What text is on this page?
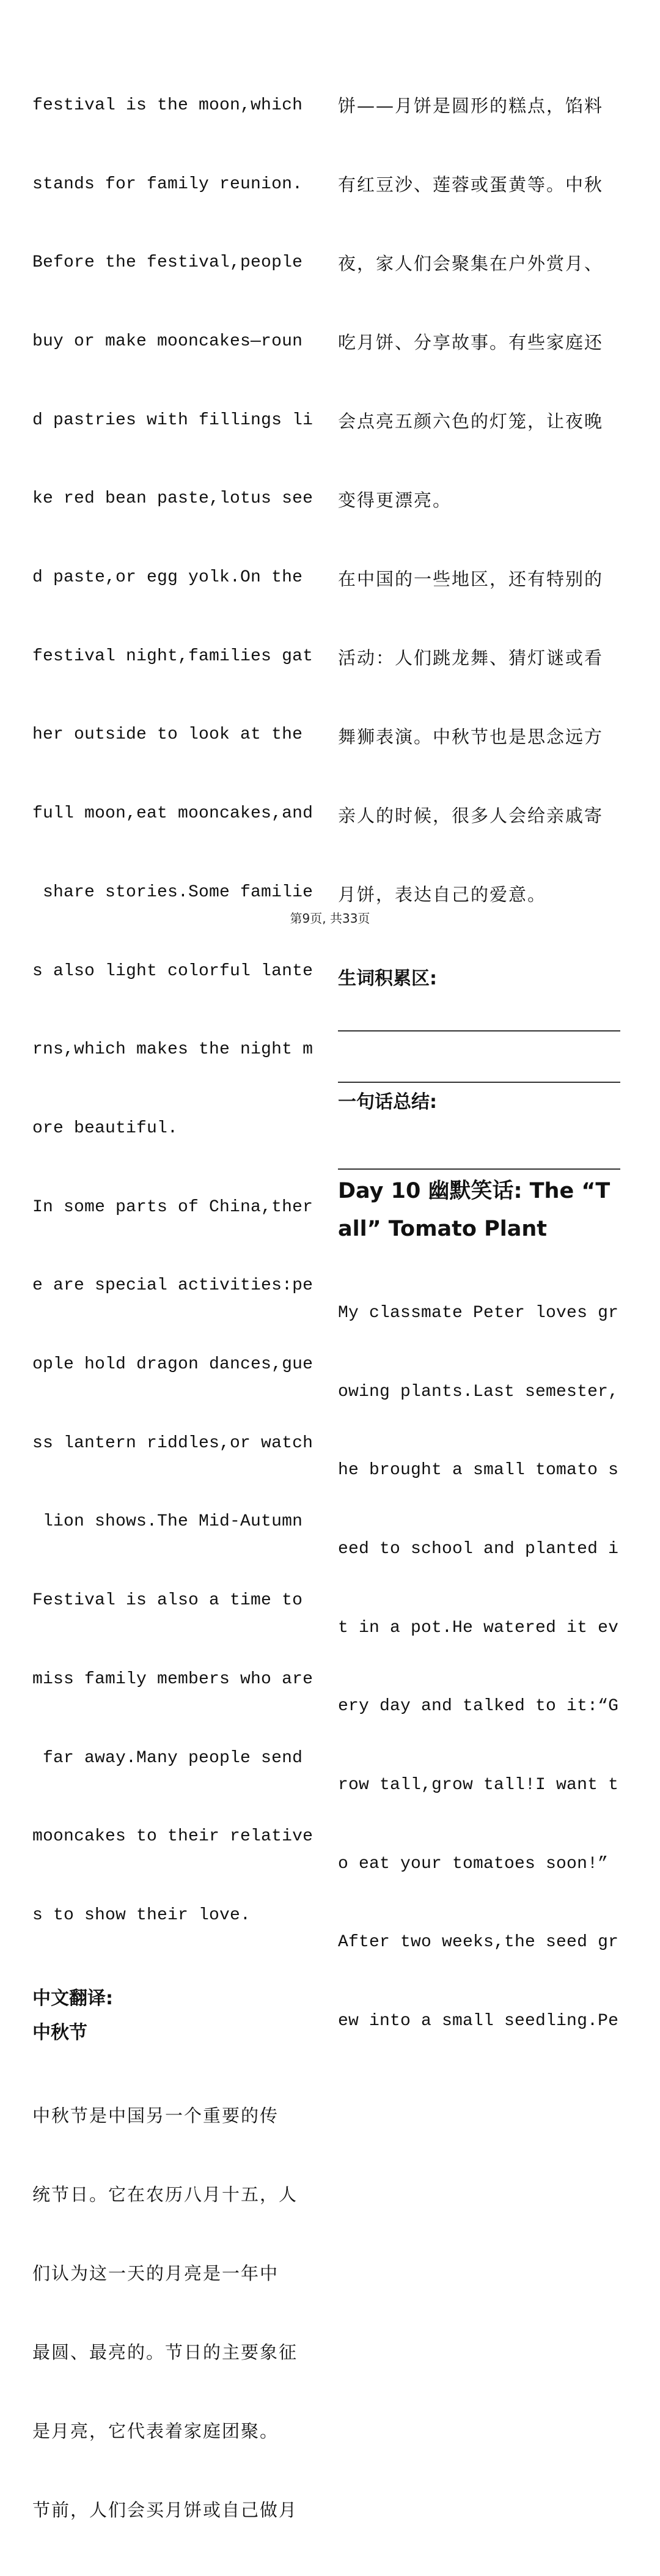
festival is the moon,which

stands for family reunion.

Before the festival,people

buy or make mooncakes—roun

d pastries with fillings li

ke red bean paste,lotus see

d paste,or egg yolk.On the

festival night,families gat

her outside to look at the

full moon,eat mooncakes,and

share stories.Some familie

s also light colorful lante

rns,which makes the night m

ore beautiful.

In some parts of China,ther

e are special activities:pe

ople hold dragon dances,gue

ss lantern riddles,or watch

lion shows.The Mid-Autumn

Festival is also a time to

miss family members who are

far away.Many people send

mooncakes to their relative

s to show their love.

中文翻译:
中秋节

中秋节是中国另一个重要的传

统节日。它在农历八月十五，人

们认为这一天的月亮是一年中

最圆、最亮的。节日的主要象征

是月亮，它代表着家庭团聚。

节前，人们会买月饼或自己做月

饼——月饼是圆形的糕点，馅料

有红豆沙、莲蓉或蛋黄等。中秋

夜，家人们会聚集在户外赏月、

吃月饼、分享故事。有些家庭还

会点亮五颜六色的灯笼，让夜晚

变得更漂亮。

在中国的一些地区，还有特别的

活动：人们跳龙舞、猜灯谜或看

舞狮表演。中秋节也是思念远方

亲人的时候，很多人会给亲戚寄

月饼，表达自己的爱意。

生词积累区:
一句话总结:
Day 10 幽默笑话: The “T
all” Tomato Plant

My classmate Peter loves gr

owing plants.Last semester,

he brought a small tomato s

eed to school and planted i

t in a pot.He watered it ev

ery day and talked to it:“G

row tall,grow tall!I want t

o eat your tomatoes soon!”

After two weeks,the seed gr

ew into a small seedling.Pe

第9页, 共33页
